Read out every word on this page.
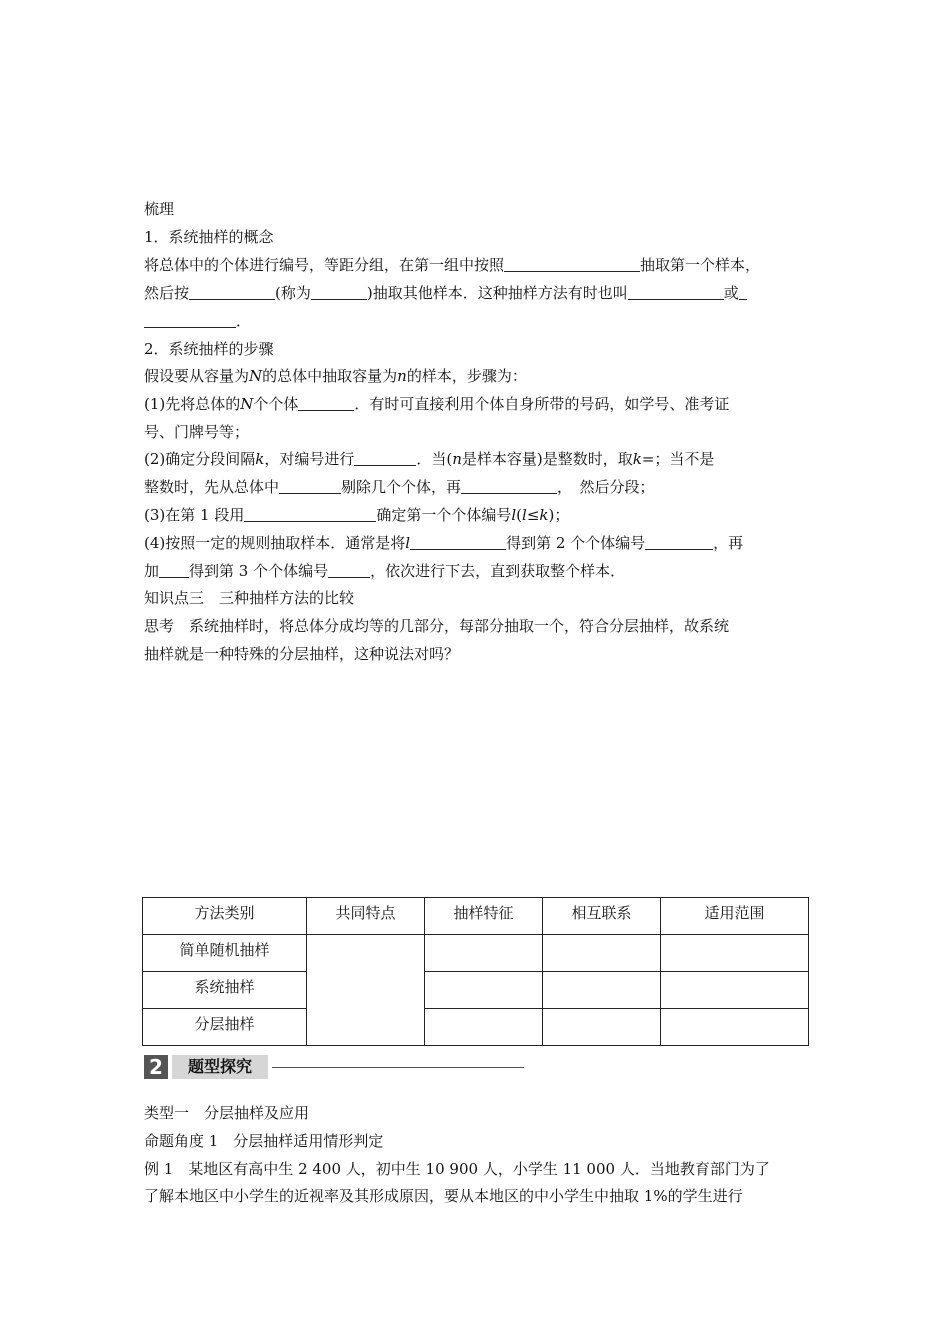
梳理
1．系统抽样的概念
将总体中的个体进行编号，等距分组，在第一组中按照	抽取第一个样本，
然后按	(称为	)抽取其他样本．这种抽样方法有时也叫	或
．
2．系统抽样的步骤
假设要从容量为N的总体中抽取容量为n的样本，步骤为：
(1)先将总体的N个个体	．有时可直接利用个体自身所带的号码，如学号、准考证
号、门牌号等；
(2)确定分段间隔k，对编号进行	．当(n是样本容量)是整数时，取k=；当不是
整数时，先从总体中	剔除几个个体，再	，　然后分段；
(3)在第 1 段用	确定第一个个体编号l(l≤k)；
(4)按照一定的规则抽取样本．通常是将l	得到第 2 个个体编号	，再
加 得到第 3 个个体编号	，依次进行下去，直到获取整个样本．
知识点三　三种抽样方法的比较
思考　系统抽样时，将总体分成均等的几部分，每部分抽取一个，符合分层抽样，故系统
抽样就是一种特殊的分层抽样，这种说法对吗？
方法类别	共同特点	抽样特征	相互联系	适用范围
简单随机抽样				
系统抽样				
分层抽样				
2	题型探究
类型一　分层抽样及应用
命题角度 1　分层抽样适用情形判定
例 1　某地区有高中生 2 400 人，初中生 10 900 人，小学生 11 000 人．当地教育部门为了
了解本地区中小学生的近视率及其形成原因，要从本地区的中小学生中抽取 1%的学生进行
